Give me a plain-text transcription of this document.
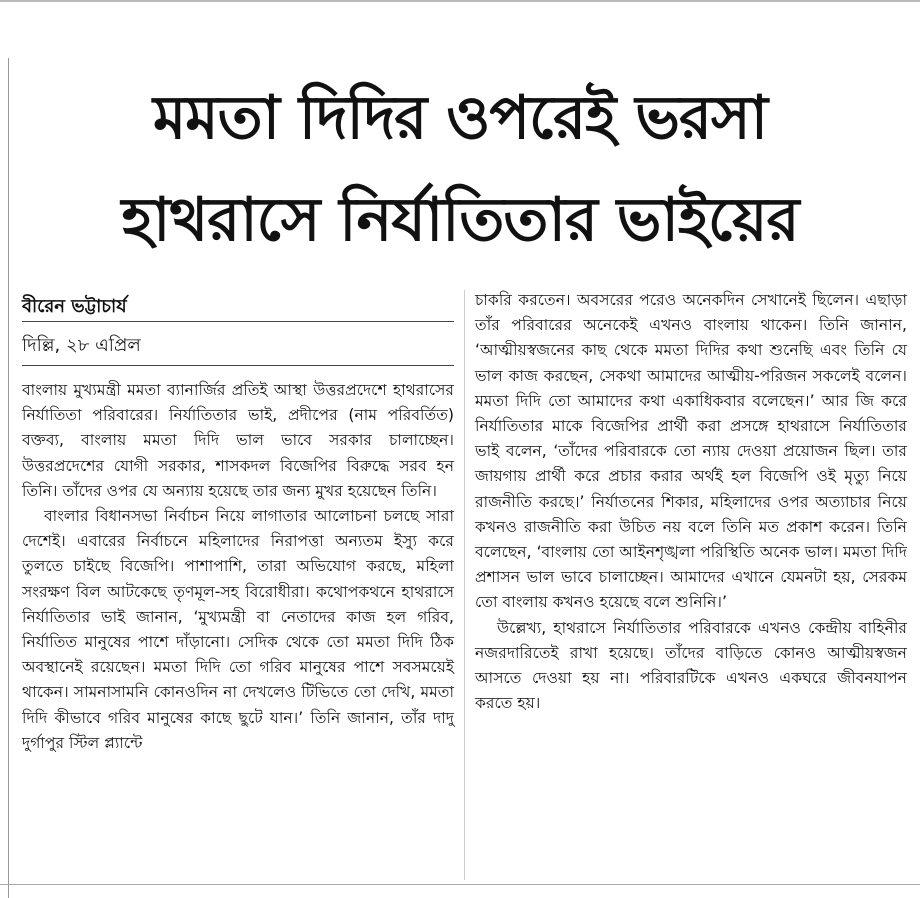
মমতা দিদির ওপরেই ভরসা
হাথরাসে নির্যাতিতার ভাইয়ের
বীরেন ভট্টাচার্য
দিল্লি, ২৮ এপ্রিল

বাংলায় মুখ্যমন্ত্রী মমতা ব্যানার্জির প্রতিই আস্থা উত্তরপ্রদেশে হাথরাসের নির্যাতিতা পরিবারের। নির্যাতিতার ভাই, প্রদীপের (নাম পরিবর্তিত) বক্তব্য, বাংলায় মমতা দিদি ভাল ভাবে সরকার চালাচ্ছেন। উত্তরপ্রদেশের যোগী সরকার, শাসকদল বিজেপির বিরুদ্ধে সরব হন তিনি। তাঁদের ওপর যে অন্যায় হয়েছে তার জন্য মুখর হয়েছেন তিনি।

বাংলার বিধানসভা নির্বাচন নিয়ে লাগাতার আলোচনা চলছে সারা দেশেই। এবারের নির্বাচনে মহিলাদের নিরাপত্তা অন্যতম ইস্যু করে তুলতে চাইছে বিজেপি। পাশাপাশি, তারা অভিযোগ করছে, মহিলা সংরক্ষণ বিল আটকেছে তৃণমূল-সহ বিরোধীরা। কথোপকথনে হাথরাসে নির্যাতিতার ভাই জানান, ‘মুখ্যমন্ত্রী বা নেতাদের কাজ হল গরিব, নির্যাতিত মানুষের পাশে দাঁড়ানো। সেদিক থেকে তো মমতা দিদি ঠিক অবস্থানেই রয়েছেন। মমতা দিদি তো গরিব মানুষের পাশে সবসময়েই থাকেন। সামনাসামনি কোনওদিন না দেখলেও টিভিতে তো দেখি, মমতা দিদি কীভাবে গরিব মানুষের কাছে ছুটে যান।’ তিনি জানান, তাঁর দাদু দুর্গাপুর স্টিল প্ল্যান্টে

চাকরি করতেন। অবসরের পরেও অনেকদিন সেখানেই ছিলেন। এছাড়া তাঁর পরিবারের অনেকেই এখনও বাংলায় থাকেন। তিনি জানান, ‘আত্মীয়স্বজনের কাছ থেকে মমতা দিদির কথা শুনেছি এবং তিনি যে ভাল কাজ করছেন, সেকথা আমাদের আত্মীয়-পরিজন সকলেই বলেন। মমতা দিদি তো আমাদের কথা একাধিকবার বলেছেন।’ আর জি করে নির্যাতিতার মাকে বিজেপির প্রার্থী করা প্রসঙ্গে হাথরাসে নির্যাতিতার ভাই বলেন, ‘তাঁদের পরিবারকে তো ন্যায় দেওয়া প্রয়োজন ছিল। তার জায়গায় প্রার্থী করে প্রচার করার অর্থই হল বিজেপি ওই মৃত্যু নিয়ে রাজনীতি করছে।’ নির্যাতনের শিকার, মহিলাদের ওপর অত্যাচার নিয়ে কখনও রাজনীতি করা উচিত নয় বলে তিনি মত প্রকাশ করেন। তিনি বলেছেন, ‘বাংলায় তো আইনশৃঙ্খলা পরিস্থিতি অনেক ভাল। মমতা দিদি প্রশাসন ভাল ভাবে চালাচ্ছেন। আমাদের এখানে যেমনটা হয়, সেরকম তো বাংলায় কখনও হয়েছে বলে শুনিনি।’

উল্লেখ্য, হাথরাসে নির্যাতিতার পরিবারকে এখনও কেন্দ্রীয় বাহিনীর নজরদারিতেই রাখা হয়েছে। তাঁদের বাড়িতে কোনও আত্মীয়স্বজন আসতে দেওয়া হয় না। পরিবারটিকে এখনও একঘরে জীবনযাপন করতে হয়।
